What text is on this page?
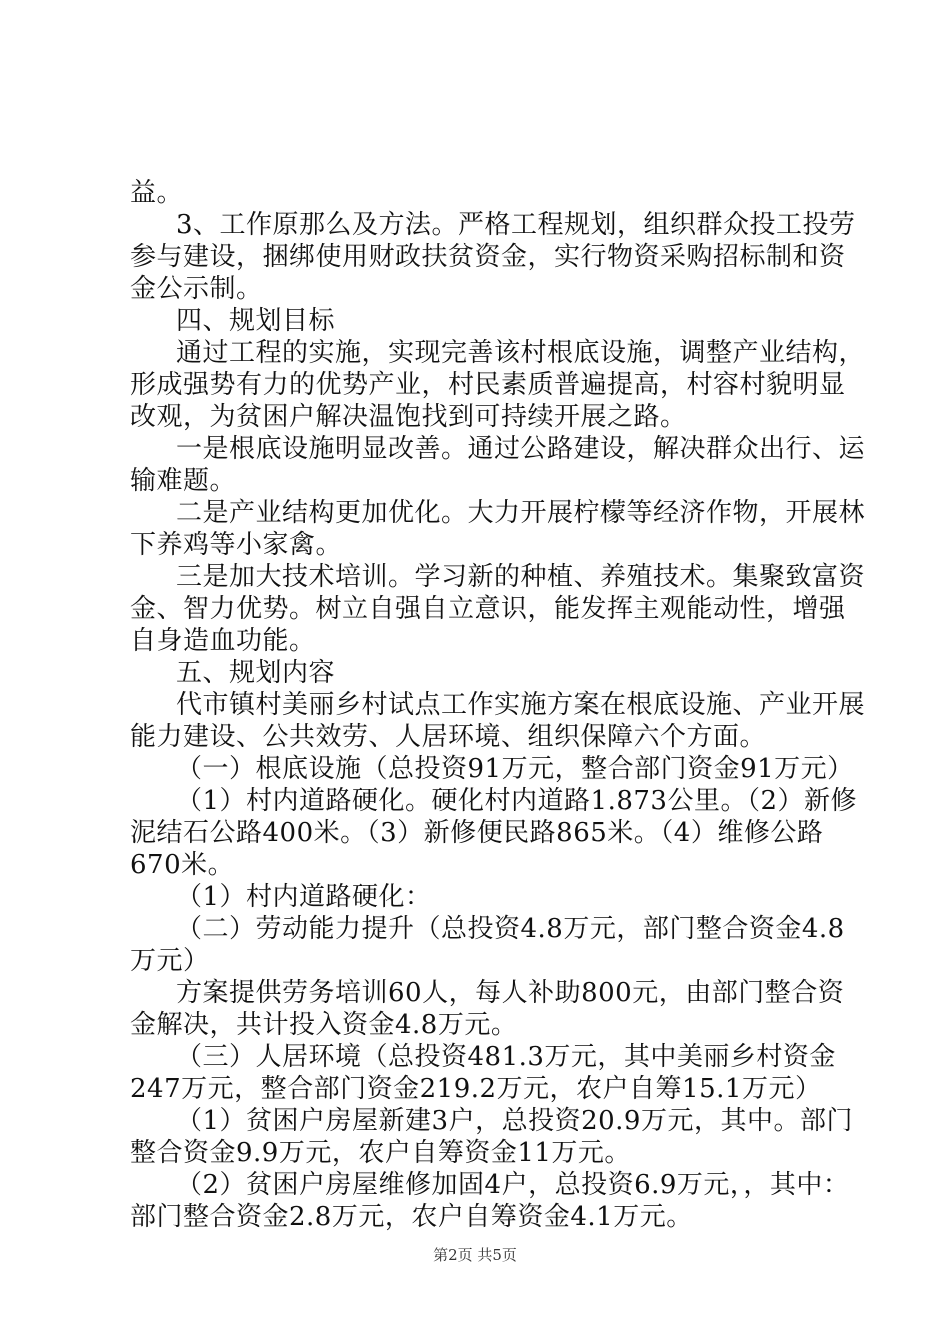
益。
3、工作原那么及方法。严格工程规划，组织群众投工投劳
参与建设，捆绑使用财政扶贫资金，实行物资采购招标制和资
金公示制。
四、规划目标
通过工程的实施，实现完善该村根底设施，调整产业结构，
形成强势有力的优势产业，村民素质普遍提高，村容村貌明显
改观，为贫困户解决温饱找到可持续开展之路。
一是根底设施明显改善。通过公路建设，解决群众出行、运
输难题。
二是产业结构更加优化。大力开展柠檬等经济作物，开展林
下养鸡等小家禽。
三是加大技术培训。学习新的种植、养殖技术。集聚致富资
金、智力优势。树立自强自立意识，能发挥主观能动性，增强
自身造血功能。
五、规划内容
代市镇村美丽乡村试点工作实施方案在根底设施、产业开展
能力建设、公共效劳、人居环境、组织保障六个方面。
（一）根底设施（总投资91万元，整合部门资金91万元）
（1）村内道路硬化。硬化村内道路1.873公里。（2）新修
泥结石公路400米。（3）新修便民路865米。（4）维修公路
670米。
（1）村内道路硬化：
（二）劳动能力提升（总投资4.8万元，部门整合资金4.8
万元）
方案提供劳务培训60人，每人补助800元，由部门整合资
金解决，共计投入资金4.8万元。
（三）人居环境（总投资481.3万元，其中美丽乡村资金
247万元，整合部门资金219.2万元，农户自筹15.1万元）
（1）贫困户房屋新建3户，总投资20.9万元，其中。部门
整合资金9.9万元，农户自筹资金11万元。
（2）贫困户房屋维修加固4户，总投资6.9万元，，其中：
部门整合资金2.8万元，农户自筹资金4.1万元。
第2页 共5页
